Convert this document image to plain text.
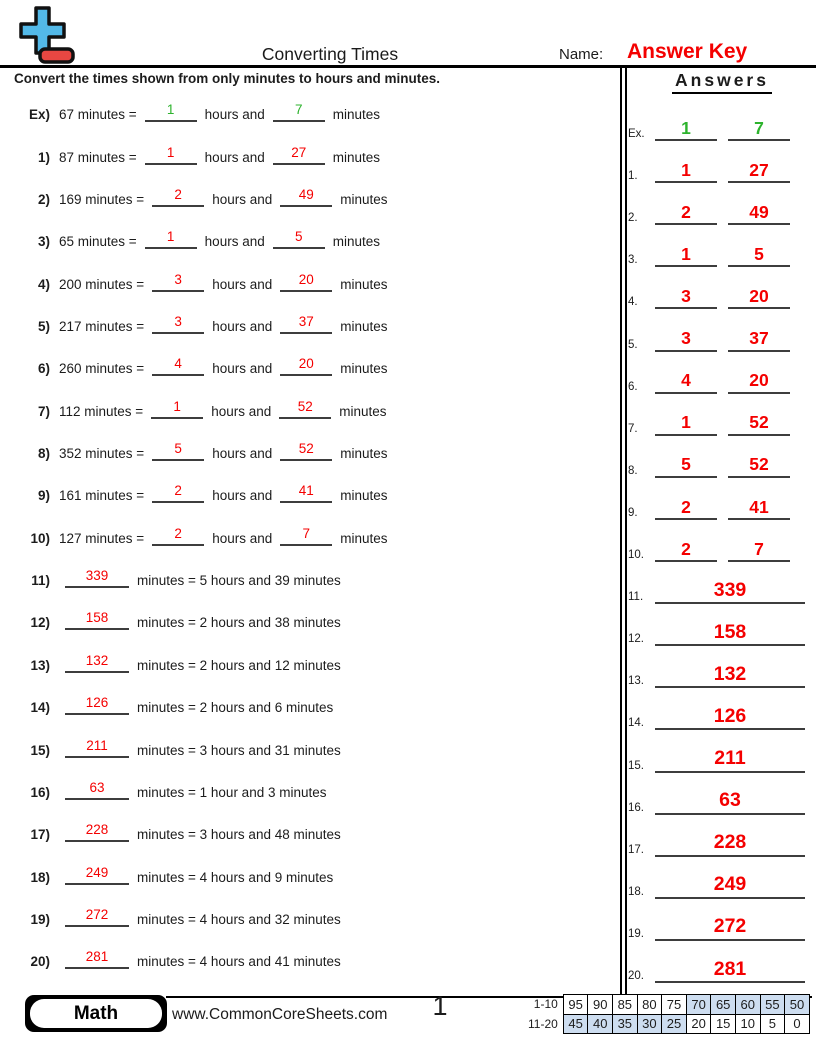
Converting Times	Name: Answer Key
Convert the times shown from only minutes to hours and minutes.
Ex) 67 minutes =	1	hours and	7	minutes
1) 87 minutes =	1	hours and	27	minutes
2) 169 minutes =	2	hours and	49	minutes
3) 65 minutes =	1	hours and	5	minutes
4) 200 minutes =	3	hours and	20	minutes
5) 217 minutes =	3	hours and	37	minutes
6) 260 minutes =	4	hours and	20	minutes
7) 112 minutes =	1	hours and	52	minutes
8) 352 minutes =	5	hours and	52	minutes
9) 161 minutes =	2	hours and	41	minutes
10) 127 minutes =	2	hours and	7	minutes
11)	339	minutes = 5 hours and 39 minutes
12)	158	minutes = 2 hours and 38 minutes
13)	132	minutes = 2 hours and 12 minutes
14)	126	minutes = 2 hours and 6 minutes
15)	211	minutes = 3 hours and 31 minutes
16)	63	minutes = 1 hour and 3 minutes
17)	228	minutes = 3 hours and 48 minutes
18)	249	minutes = 4 hours and 9 minutes
19)	272	minutes = 4 hours and 32 minutes
20)	281	minutes = 4 hours and 41 minutes
Answers
Ex.	1	7
1.	1	27
2.	2	49
3.	1	5
4.	3	20
5.	3	37
6.	4	20
7.	1	52
8.	5	52
9.	2	41
10.	2	7
11.	339
12.	158
13.	132
14.	126
15.	211
16.	63
17.	228
18.	249
19.	272
20.	281
Math	www.CommonCoreSheets.com	1	1-10	95	90	85	80	75	70	65	60	55	50
11-20	45	40	35	30	25	20	15	10	5	0
